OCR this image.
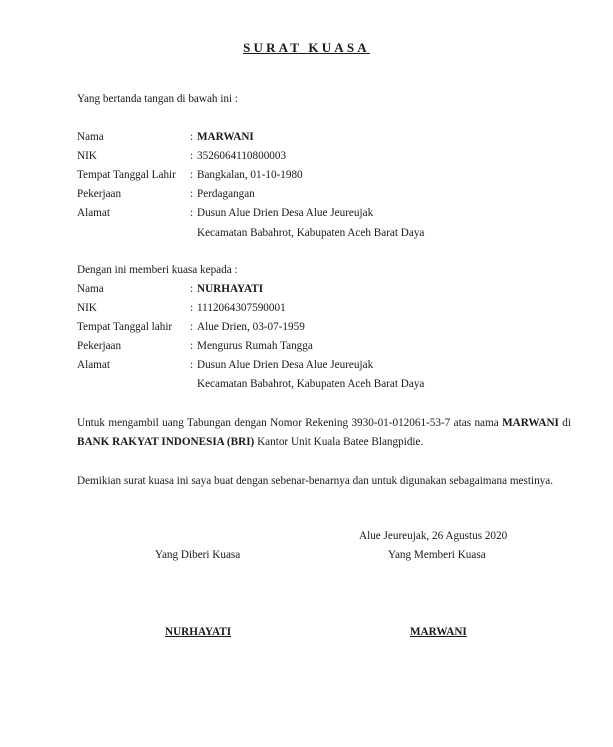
SURAT KUASA
Yang bertanda tangan di bawah ini :
Nama	: MARWANI
NIK	: 3526064110800003
Tempat Tanggal Lahir : Bangkalan, 01-10-1980
Pekerjaan	: Perdagangan
Alamat	: Dusun Alue Drien Desa Alue Jeureujak
Kecamatan Babahrot, Kabupaten Aceh Barat Daya
Dengan ini memberi kuasa kepada :
Nama	: NURHAYATI
NIK	: 1112064307590001
Tempat Tanggal lahir : Alue Drien, 03-07-1959
Pekerjaan	: Mengurus Rumah Tangga
Alamat	: Dusun Alue Drien Desa Alue Jeureujak
Kecamatan Babahrot, Kabupaten Aceh Barat Daya
Untuk mengambil uang Tabungan dengan Nomor Rekening 3930-01-012061-53-7 atas nama MARWANI di BANK RAKYAT INDONESIA (BRI) Kantor Unit Kuala Batee Blangpidie.
Demikian surat kuasa ini saya buat dengan sebenar-benarnya dan untuk digunakan sebagaimana mestinya.
Alue Jeureujak, 26 Agustus 2020
Yang Diberi Kuasa	Yang Memberi Kuasa
NURHAYATI	MARWANI
